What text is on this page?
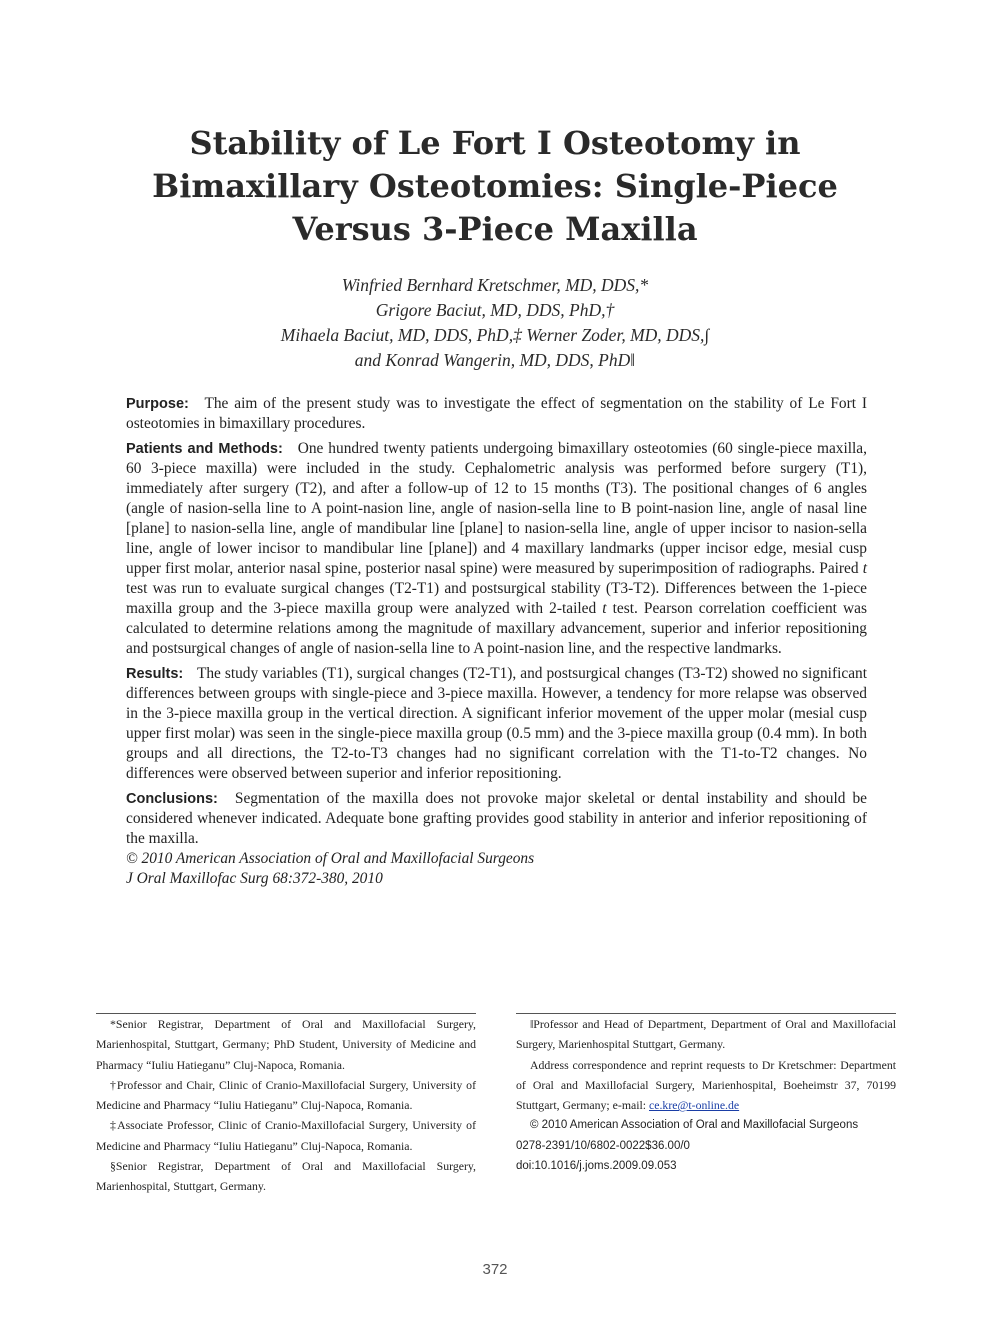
Stability of Le Fort I Osteotomy in
Bimaxillary Osteotomies: Single-Piece
Versus 3-Piece Maxilla
Winfried Bernhard Kretschmer, MD, DDS,*
Grigore Baciut, MD, DDS, PhD,†
Mihaela Baciut, MD, DDS, PhD,‡ Werner Zoder, MD, DDS,∫
and Konrad Wangerin, MD, DDS, PhD‖

Purpose: The aim of the present study was to investigate the effect of segmentation on the stability of Le Fort I osteotomies in bimaxillary procedures.

Patients and Methods: One hundred twenty patients undergoing bimaxillary osteotomies (60 single-piece maxilla, 60 3-piece maxilla) were included in the study. Cephalometric analysis was performed before surgery (T1), immediately after surgery (T2), and after a follow-up of 12 to 15 months (T3). The positional changes of 6 angles (angle of nasion-sella line to A point-nasion line, angle of nasion-sella line to B point-nasion line, angle of nasal line [plane] to nasion-sella line, angle of mandibular line [plane] to nasion-sella line, angle of upper incisor to nasion-sella line, angle of lower incisor to mandibular line [plane]) and 4 maxillary landmarks (upper incisor edge, mesial cusp upper first molar, anterior nasal spine, posterior nasal spine) were measured by superimposition of radiographs. Paired t test was run to evaluate surgical changes (T2-T1) and postsurgical stability (T3-T2). Differences between the 1-piece maxilla group and the 3-piece maxilla group were analyzed with 2-tailed t test. Pearson correlation coefficient was calculated to determine relations among the magnitude of maxillary advancement, superior and inferior repositioning and postsurgical changes of angle of nasion-sella line to A point-nasion line, and the respective landmarks.

Results: The study variables (T1), surgical changes (T2-T1), and postsurgical changes (T3-T2) showed no significant differences between groups with single-piece and 3-piece maxilla. However, a tendency for more relapse was observed in the 3-piece maxilla group in the vertical direction. A significant inferior movement of the upper molar (mesial cusp upper first molar) was seen in the single-piece maxilla group (0.5 mm) and the 3-piece maxilla group (0.4 mm). In both groups and all directions, the T2-to-T3 changes had no significant correlation with the T1-to-T2 changes. No differences were observed between superior and inferior repositioning.

Conclusions: Segmentation of the maxilla does not provoke major skeletal or dental instability and should be considered whenever indicated. Adequate bone grafting provides good stability in anterior and inferior repositioning of the maxilla.

© 2010 American Association of Oral and Maxillofacial Surgeons
J Oral Maxillofac Surg 68:372-380, 2010

*Senior Registrar, Department of Oral and Maxillofacial Surgery, Marienhospital, Stuttgart, Germany; PhD Student, University of Medicine and Pharmacy “Iuliu Hatieganu” Cluj-Napoca, Romania.

†Professor and Chair, Clinic of Cranio-Maxillofacial Surgery, University of Medicine and Pharmacy “Iuliu Hatieganu” Cluj-Napoca, Romania.

‡Associate Professor, Clinic of Cranio-Maxillofacial Surgery, University of Medicine and Pharmacy “Iuliu Hatieganu” Cluj-Napoca, Romania.

§Senior Registrar, Department of Oral and Maxillofacial Surgery, Marienhospital, Stuttgart, Germany.

‖Professor and Head of Department, Department of Oral and Maxillofacial Surgery, Marienhospital Stuttgart, Germany.

Address correspondence and reprint requests to Dr Kretschmer: Department of Oral and Maxillofacial Surgery, Marienhospital, Boeheimstr 37, 70199 Stuttgart, Germany; e-mail: ce.kre@t-online.de

© 2010 American Association of Oral and Maxillofacial Surgeons

0278-2391/10/6802-0022$36.00/0

doi:10.1016/j.joms.2009.09.053

372
